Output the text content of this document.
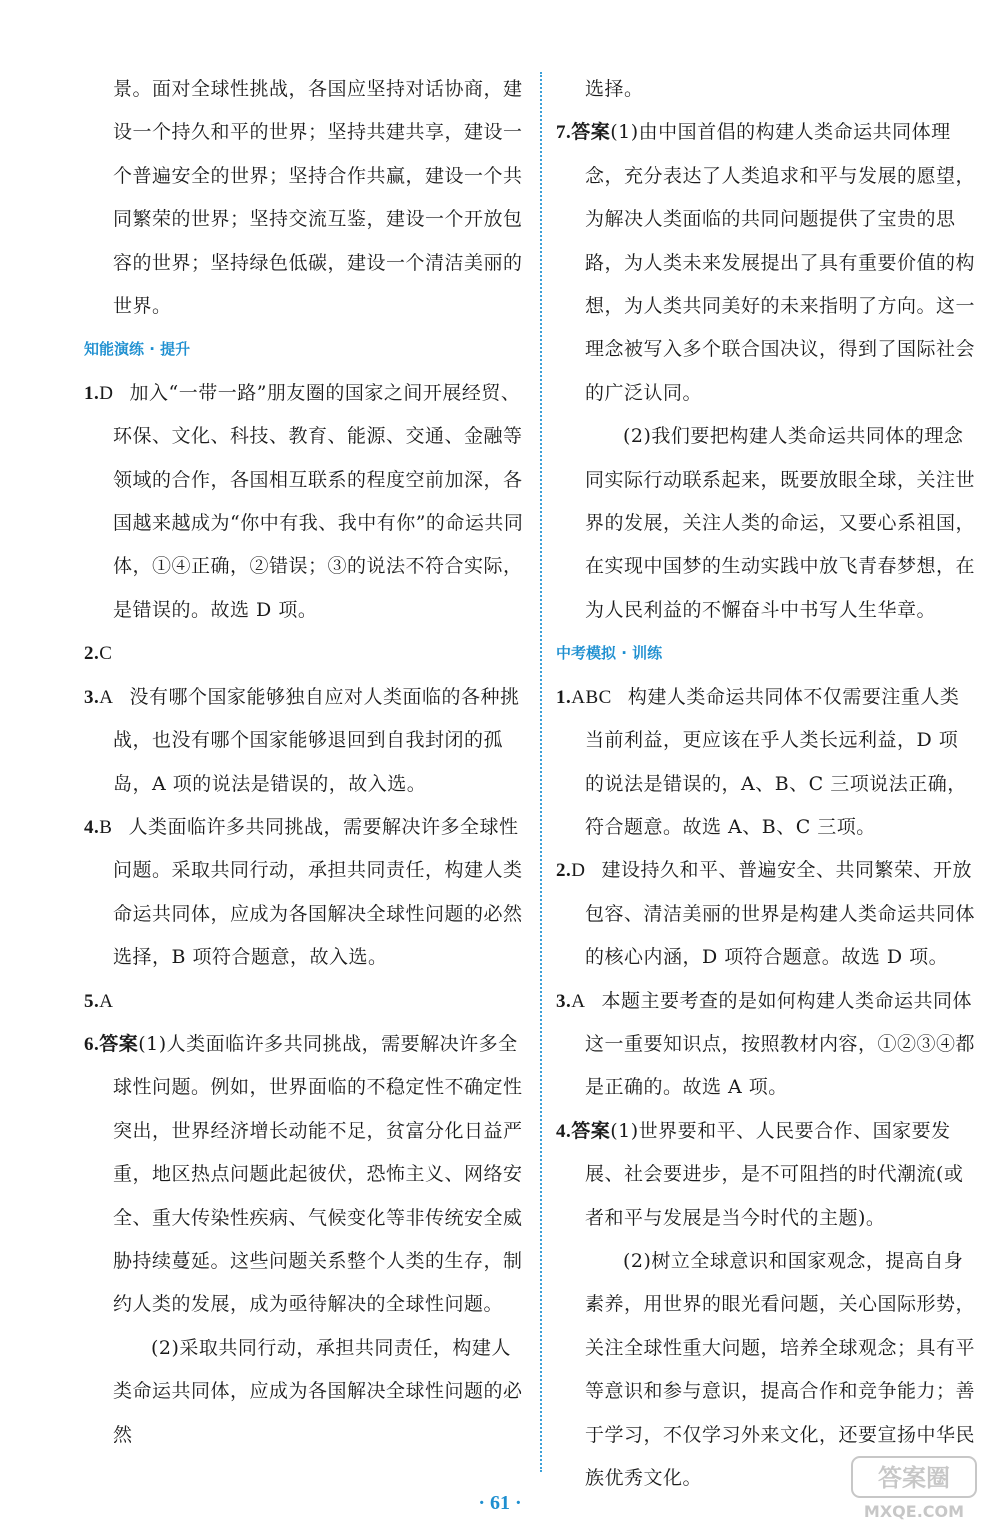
景。面对全球性挑战，各国应坚持对话协商，建设一个持久和平的世界；坚持共建共享，建设一个普遍安全的世界；坚持合作共赢，建设一个共同繁荣的世界；坚持交流互鉴，建设一个开放包容的世界；坚持绿色低碳，建设一个清洁美丽的世界。

知能演练 · 提升

1.D 加入“一带一路”朋友圈的国家之间开展经贸、环保、文化、科技、教育、能源、交通、金融等领域的合作，各国相互联系的程度空前加深，各国越来越成为“你中有我、我中有你”的命运共同体，①④正确，②错误；③的说法不符合实际，是错误的。故选 D 项。

2.C

3.A 没有哪个国家能够独自应对人类面临的各种挑战，也没有哪个国家能够退回到自我封闭的孤岛，A 项的说法是错误的，故入选。

4.B 人类面临许多共同挑战，需要解决许多全球性问题。采取共同行动，承担共同责任，构建人类命运共同体，应成为各国解决全球性问题的必然选择，B 项符合题意，故入选。

5.A

6.答案(1)人类面临许多共同挑战，需要解决许多全球性问题。例如，世界面临的不稳定性不确定性突出，世界经济增长动能不足，贫富分化日益严重，地区热点问题此起彼伏，恐怖主义、网络安全、重大传染性疾病、气候变化等非传统安全威胁持续蔓延。这些问题关系整个人类的生存，制约人类的发展，成为亟待解决的全球性问题。

(2)采取共同行动，承担共同责任，构建人类命运共同体，应成为各国解决全球性问题的必然

选择。

7.答案(1)由中国首倡的构建人类命运共同体理念，充分表达了人类追求和平与发展的愿望，为解决人类面临的共同问题提供了宝贵的思路，为人类未来发展提出了具有重要价值的构想，为人类共同美好的未来指明了方向。这一理念被写入多个联合国决议，得到了国际社会的广泛认同。

(2)我们要把构建人类命运共同体的理念同实际行动联系起来，既要放眼全球，关注世界的发展，关注人类的命运，又要心系祖国，在实现中国梦的生动实践中放飞青春梦想，在为人民利益的不懈奋斗中书写人生华章。

中考模拟 · 训练

1.ABC 构建人类命运共同体不仅需要注重人类当前利益，更应该在乎人类长远利益，D 项的说法是错误的，A、B、C 三项说法正确，符合题意。故选 A、B、C 三项。

2.D 建设持久和平、普遍安全、共同繁荣、开放包容、清洁美丽的世界是构建人类命运共同体的核心内涵，D 项符合题意。故选 D 项。

3.A 本题主要考查的是如何构建人类命运共同体这一重要知识点，按照教材内容，①②③④都是正确的。故选 A 项。

4.答案(1)世界要和平、人民要合作、国家要发展、社会要进步，是不可阻挡的时代潮流(或者和平与发展是当今时代的主题)。

(2)树立全球意识和国家观念，提高自身素养，用世界的眼光看问题，关心国际形势，关注全球性重大问题，培养全球观念；具有平等意识和参与意识，提高合作和竞争能力；善于学习，不仅学习外来文化，还要宣扬中华民族优秀文化。

· 61 ·
答案圈
MXQE.COM
